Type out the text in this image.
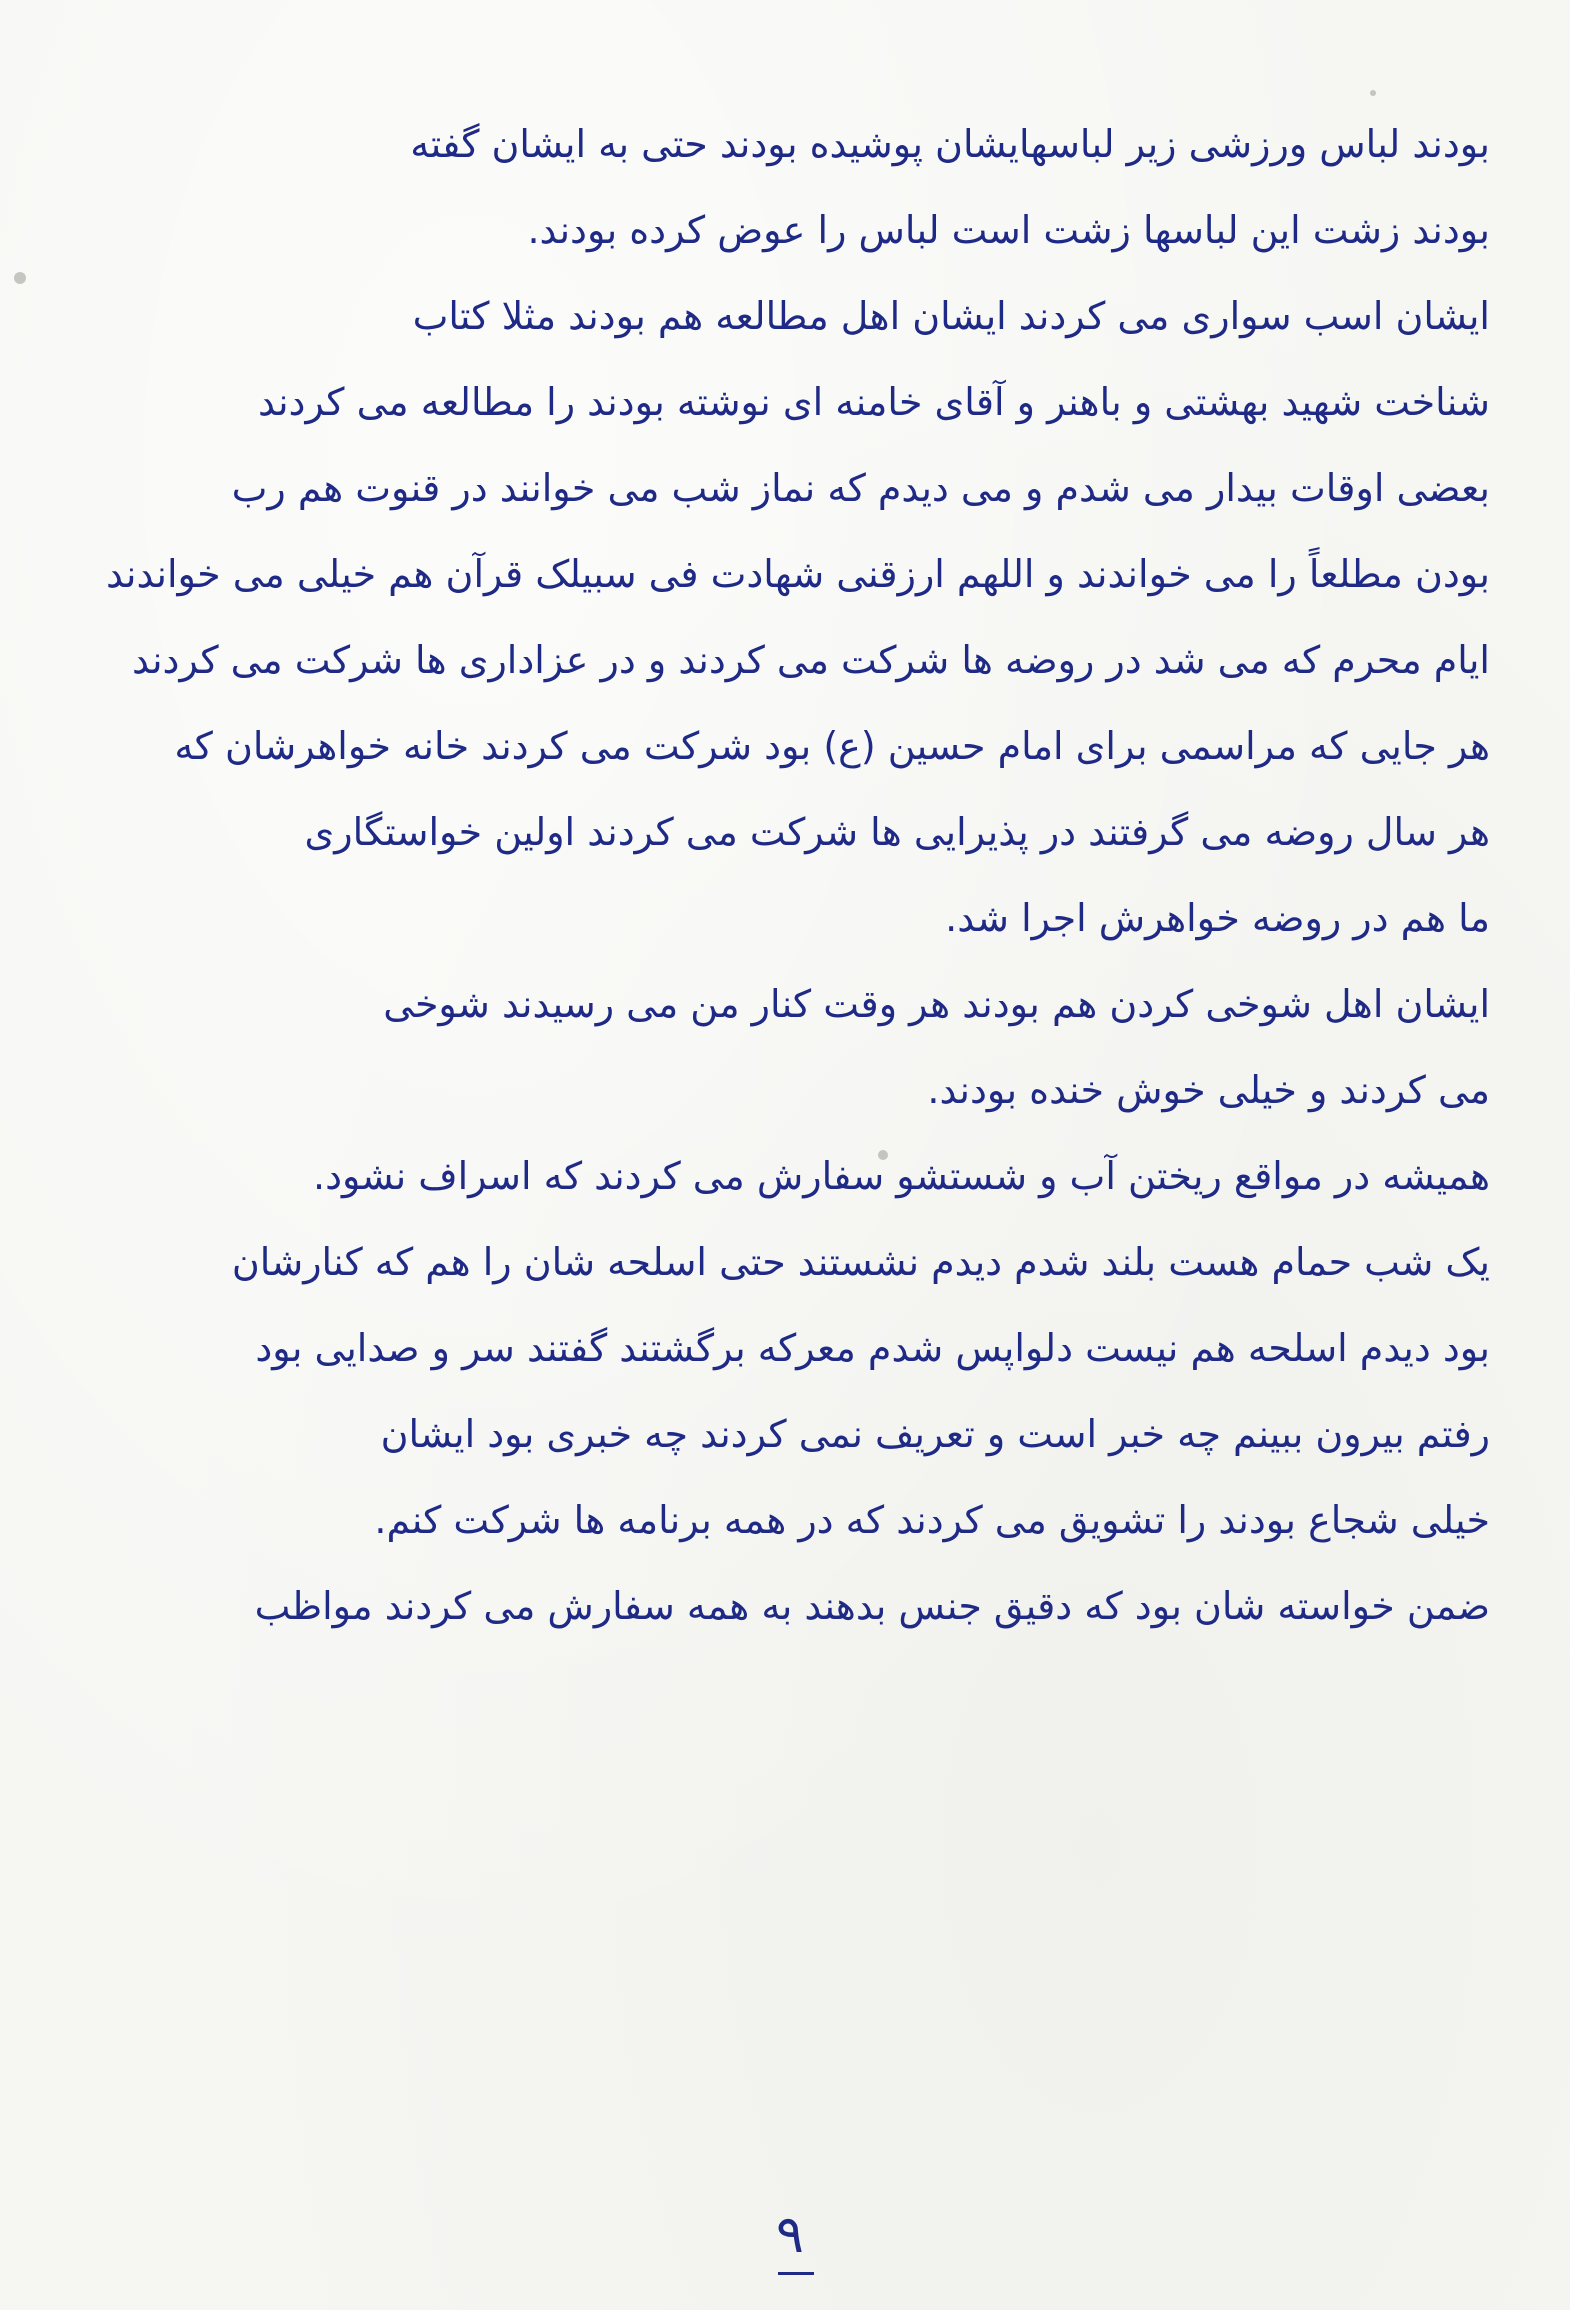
بودند لباس ورزشی زیر لباسهایشان پوشیده بودند حتی به ایشان گفته
بودند زشت این لباسها زشت است لباس را عوض کرده بودند.
ایشان اسب سواری می کردند ایشان اهل مطالعه هم بودند مثلا کتاب
شناخت شهید بهشتی و باهنر و آقای خامنه ای نوشته بودند را مطالعه می کردند
بعضی اوقات بیدار می شدم و می دیدم که نماز شب می خوانند در قنوت هم رب
بودن مطلعاً را می خواندند و اللهم ارزقنی شهادت فی سبیلک قرآن هم خیلی می خواندند
ایام محرم که می شد در روضه ها شرکت می کردند و در عزاداری ها شرکت می کردند
هر جایی که مراسمی برای امام حسین (ع) بود شرکت می کردند خانه خواهرشان که
هر سال روضه می گرفتند در پذیرایی ها شرکت می کردند اولین خواستگاری
ما هم در روضه خواهرش اجرا شد.
ایشان اهل شوخی کردن هم بودند هر وقت کنار من می رسیدند شوخی
می کردند و خیلی خوش خنده بودند.
همیشه در مواقع ریختن آب و شستشو سفارش می کردند که اسراف نشود.
یک شب حمام هست بلند شدم دیدم نشستند حتی اسلحه شان را هم که کنارشان
بود دیدم اسلحه هم نیست دلواپس شدم معرکه برگشتند گفتند سر و صدایی بود
رفتم بیرون ببینم چه خبر است و تعریف نمی کردند چه خبری بود ایشان
خیلی شجاع بودند را تشویق می کردند که در همه برنامه ها شرکت کنم.
ضمن خواسته شان بود که دقیق جنس بدهند به همه سفارش می کردند مواظب
۹
